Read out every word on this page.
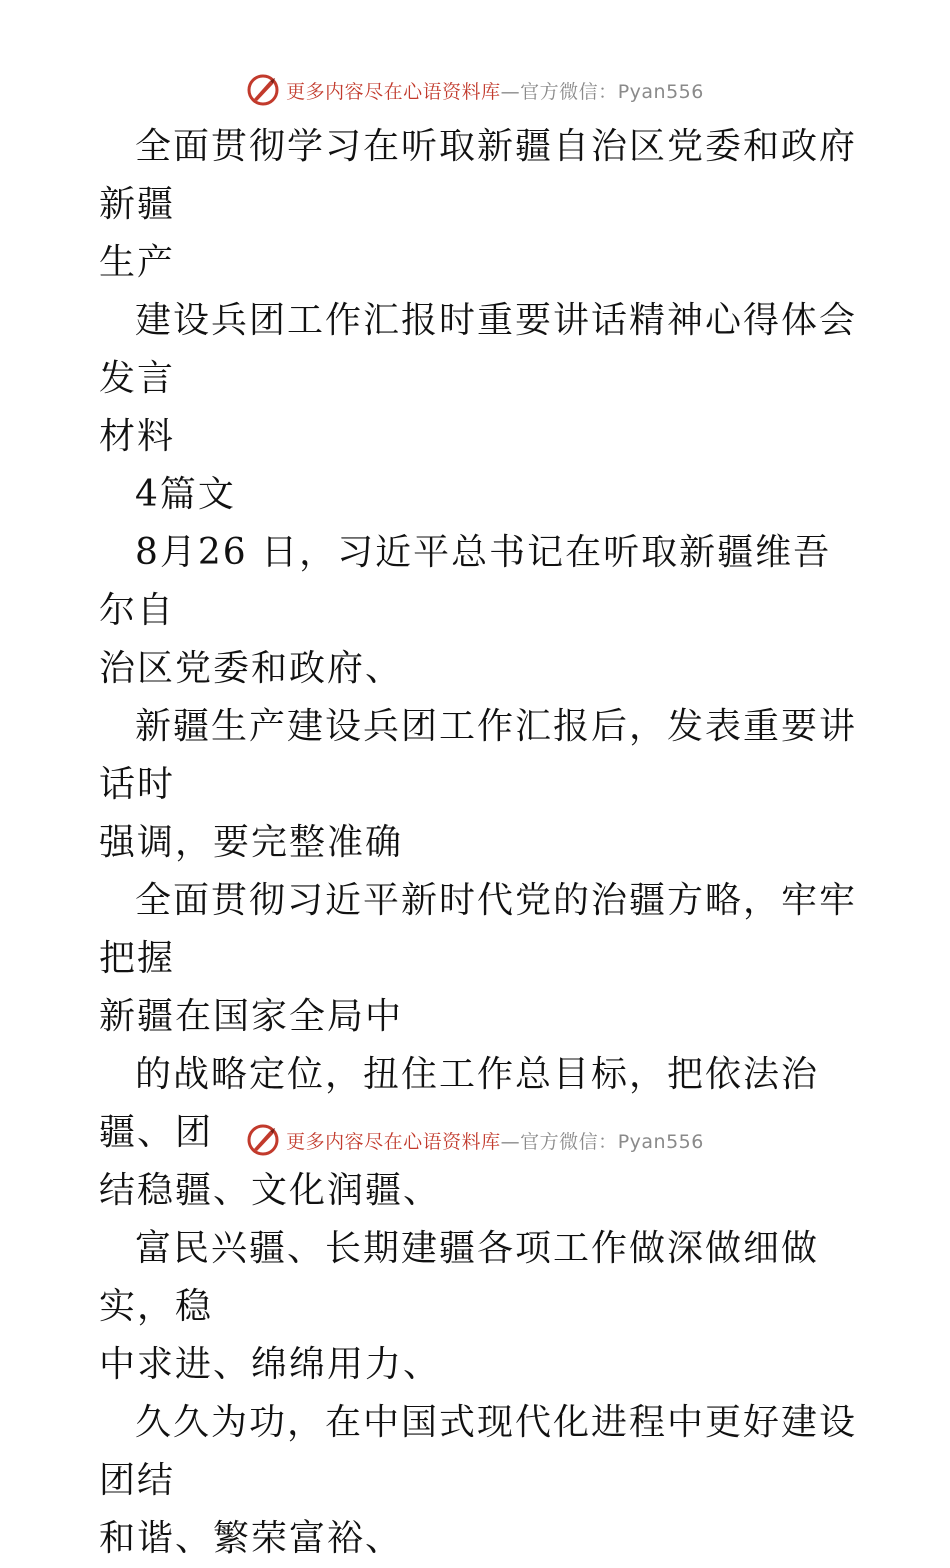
更多内容尽在心语资料库—官方微信：Pyan556

全面贯彻学习在听取新疆自治区党委和政府新疆
生产

建设兵团工作汇报时重要讲话精神心得体会发言
材料

4篇文

8月26 日，习近平总书记在听取新疆维吾尔自
治区党委和政府、

新疆生产建设兵团工作汇报后，发表重要讲话时
强调，要完整准确

全面贯彻习近平新时代党的治疆方略，牢牢把握
新疆在国家全局中

的战略定位，扭住工作总目标，把依法治疆、团
结稳疆、文化润疆、

富民兴疆、长期建疆各项工作做深做细做实，稳
中求进、绵绵用力、

久久为功，在中国式现代化进程中更好建设团结
和谐、繁荣富裕、

更多内容尽在心语资料库—官方微信：Pyan556
